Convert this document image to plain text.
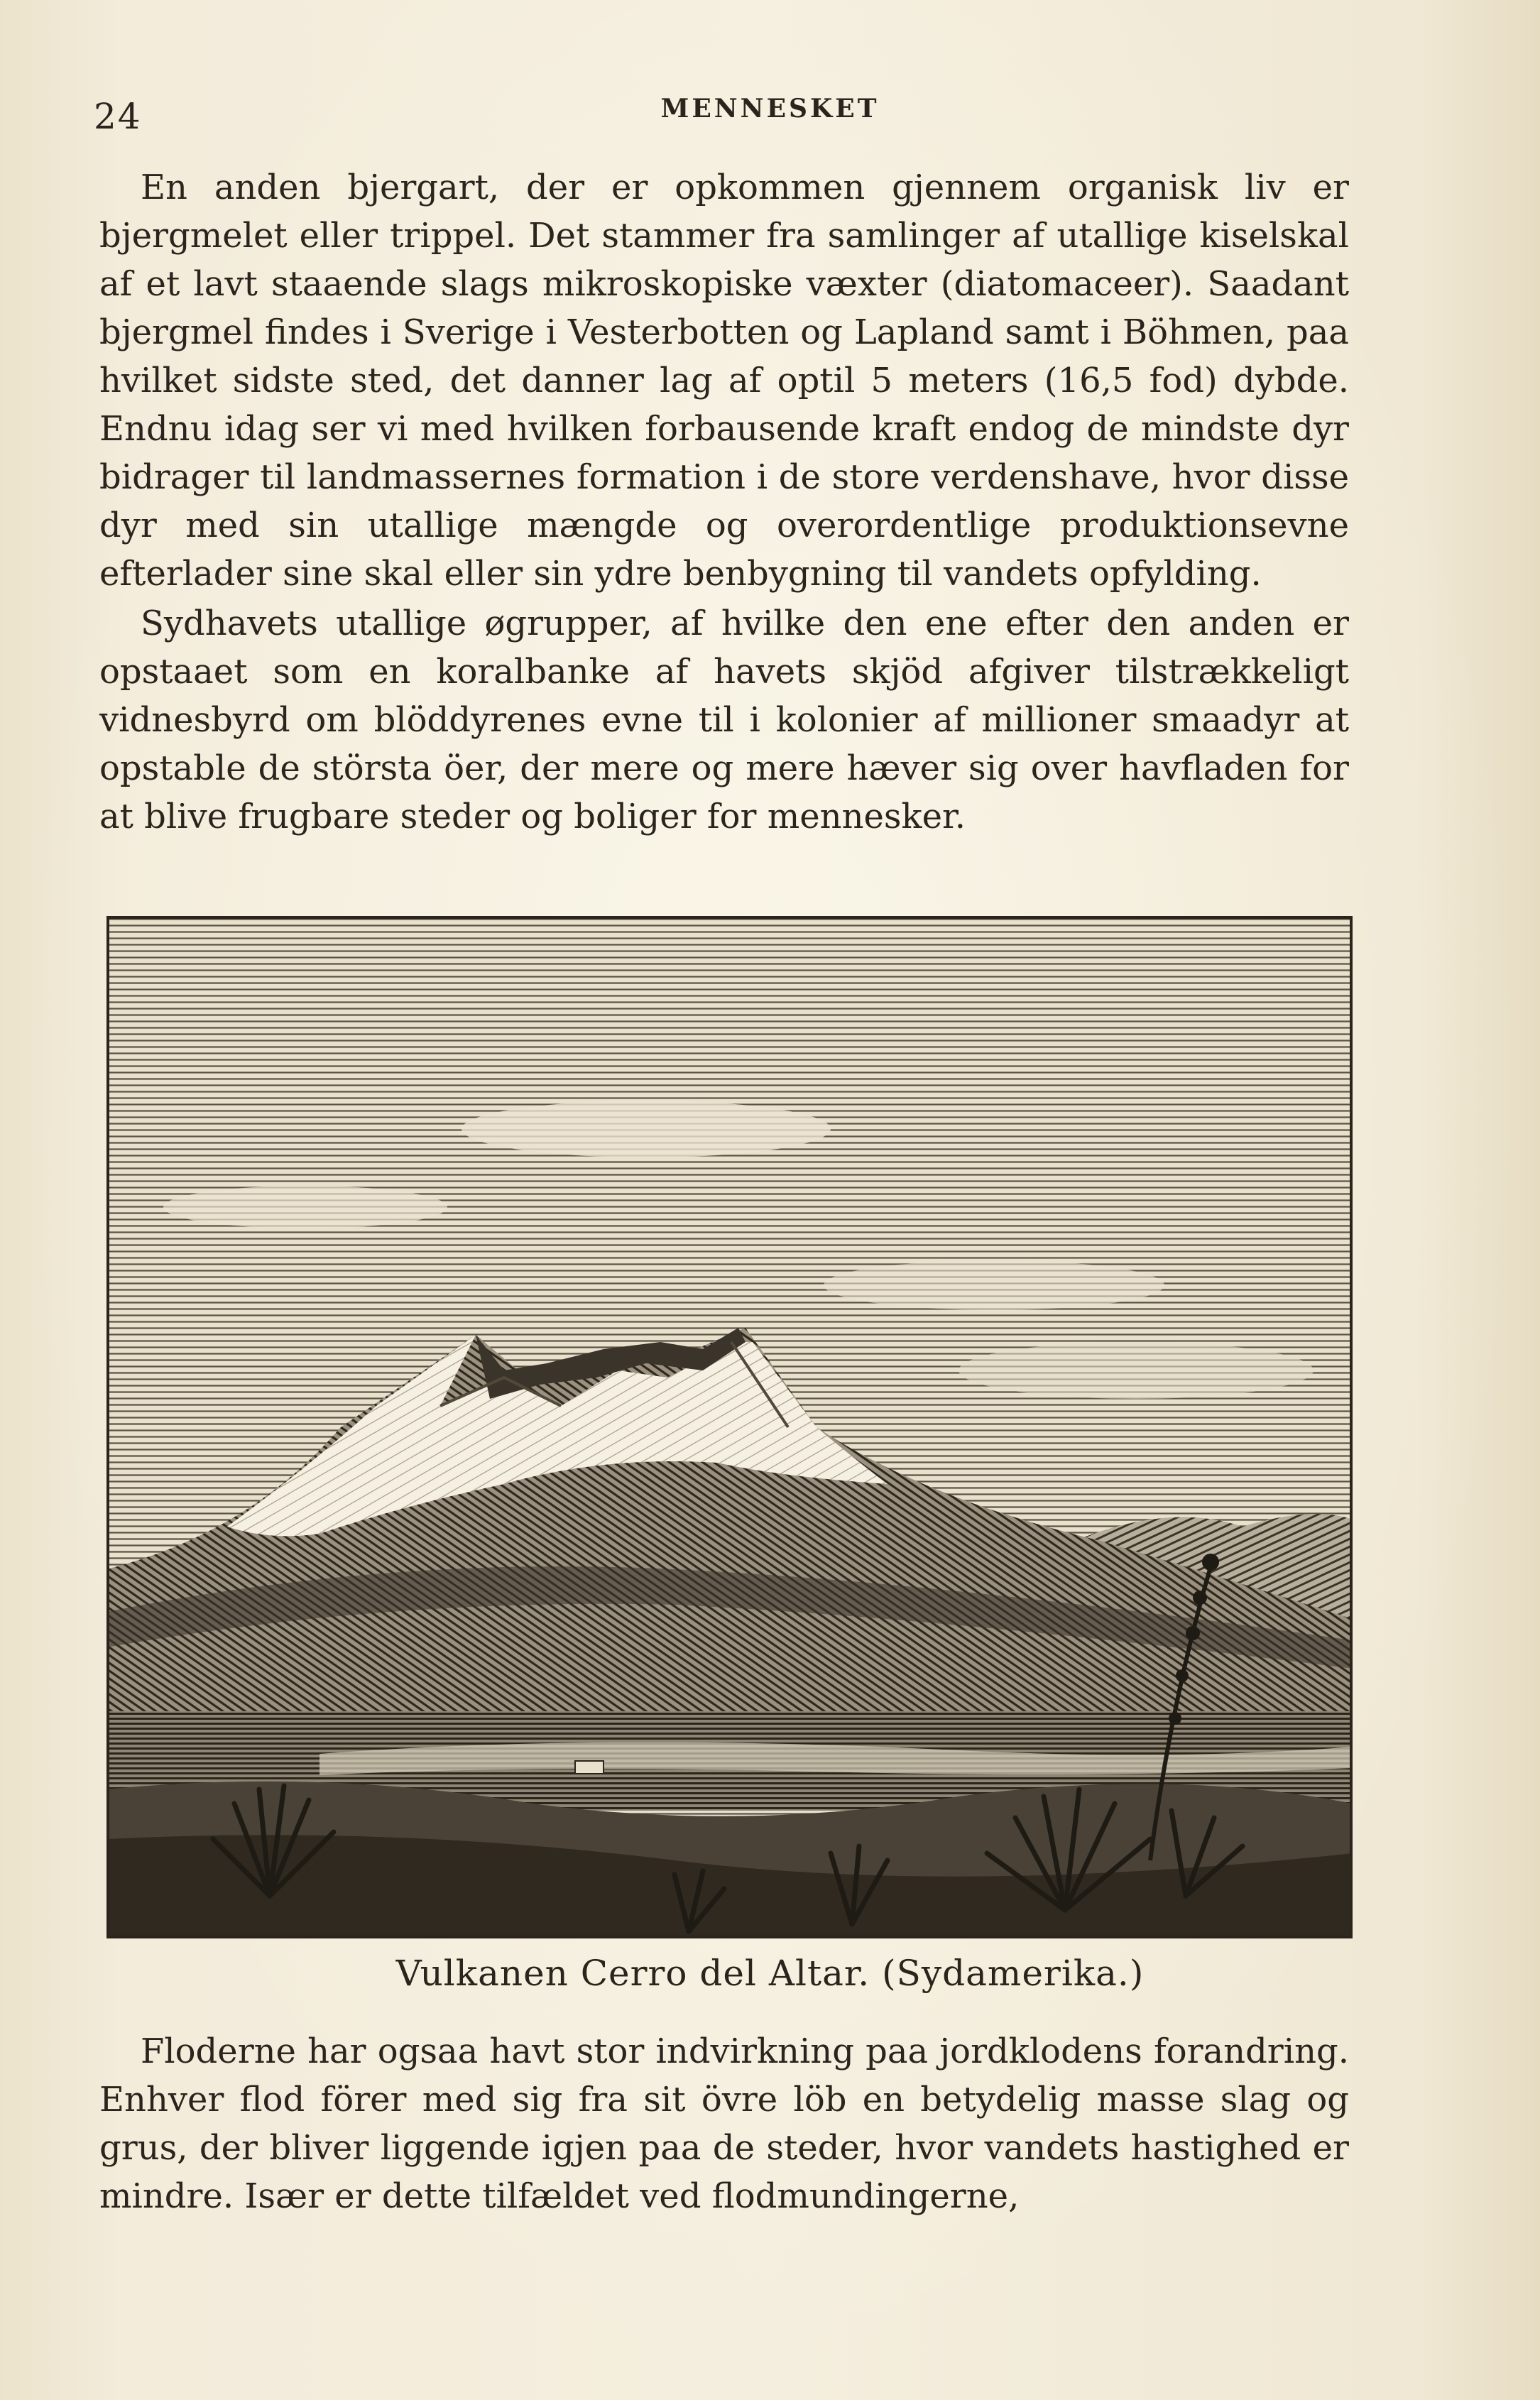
24	MENNESKET

En anden bjergart, der er opkommen gjennem organisk liv er bjergmelet eller trippel. Det stammer fra samlinger af utallige kiselskal af et lavt staaende slags mikroskopiske væxter (diatomaceer). Saadant bjergmel findes i Sverige i Vesterbotten og Lapland samt i Böhmen, paa hvilket sidste sted, det danner lag af optil 5 meters (16,5 fod) dybde. Endnu idag ser vi med hvilken forbausende kraft endog de mindste dyr bidrager til landmassernes formation i de store verdenshave, hvor disse dyr med sin utallige mængde og overordentlige produktionsevne efterlader sine skal eller sin ydre benbygning til vandets opfylding.

Sydhavets utallige øgrupper, af hvilke den ene efter den anden er opstaaet som en koralbanke af havets skjöd afgiver tilstrækkeligt vidnesbyrd om blöddyrenes evne til i kolonier af millioner smaadyr at opstable de största öer, der mere og mere hæver sig over havfladen for at blive frugbare steder og boliger for mennesker.

Vulkanen Cerro del Altar. (Sydamerika.)

Floderne har ogsaa havt stor indvirkning paa jordklodens forandring. Enhver flod förer med sig fra sit övre löb en betydelig masse slag og grus, der bliver liggende igjen paa de steder, hvor vandets hastighed er mindre. Især er dette tilfældet ved flodmundingerne,
